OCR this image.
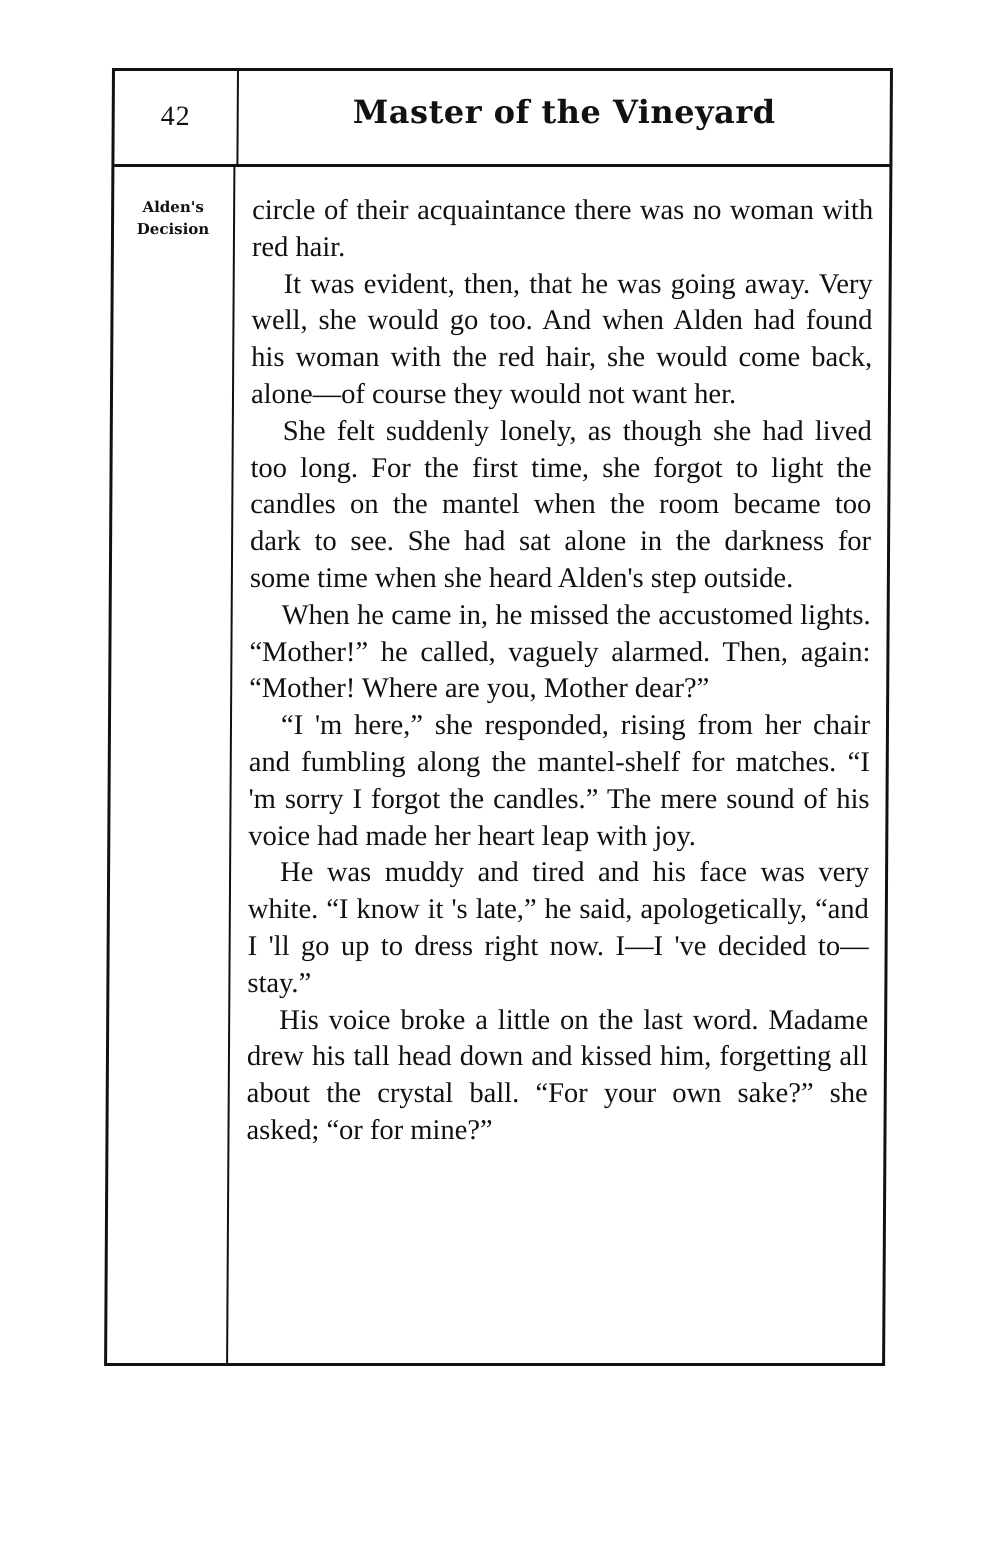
42	Master of the Vineyard
Alden's
Decision

circle of their acquaintance there was no woman with red hair.

It was evident, then, that he was going away. Very well, she would go too. And when Alden had found his woman with the red hair, she would come back, alone—of course they would not want her.

She felt suddenly lonely, as though she had lived too long. For the first time, she forgot to light the candles on the mantel when the room became too dark to see. She had sat alone in the darkness for some time when she heard Alden's step outside.

When he came in, he missed the accustomed lights. “Mother!” he called, vaguely alarmed. Then, again: “Mother! Where are you, Mother dear?”

“I 'm here,” she responded, rising from her chair and fumbling along the mantel-shelf for matches. “I 'm sorry I forgot the candles.” The mere sound of his voice had made her heart leap with joy.

He was muddy and tired and his face was very white. “I know it 's late,” he said, apologetically, “and I 'll go up to dress right now. I—I 've decided to—stay.”

His voice broke a little on the last word. Madame drew his tall head down and kissed him, forgetting all about the crystal ball. “For your own sake?” she asked; “or for mine?”
